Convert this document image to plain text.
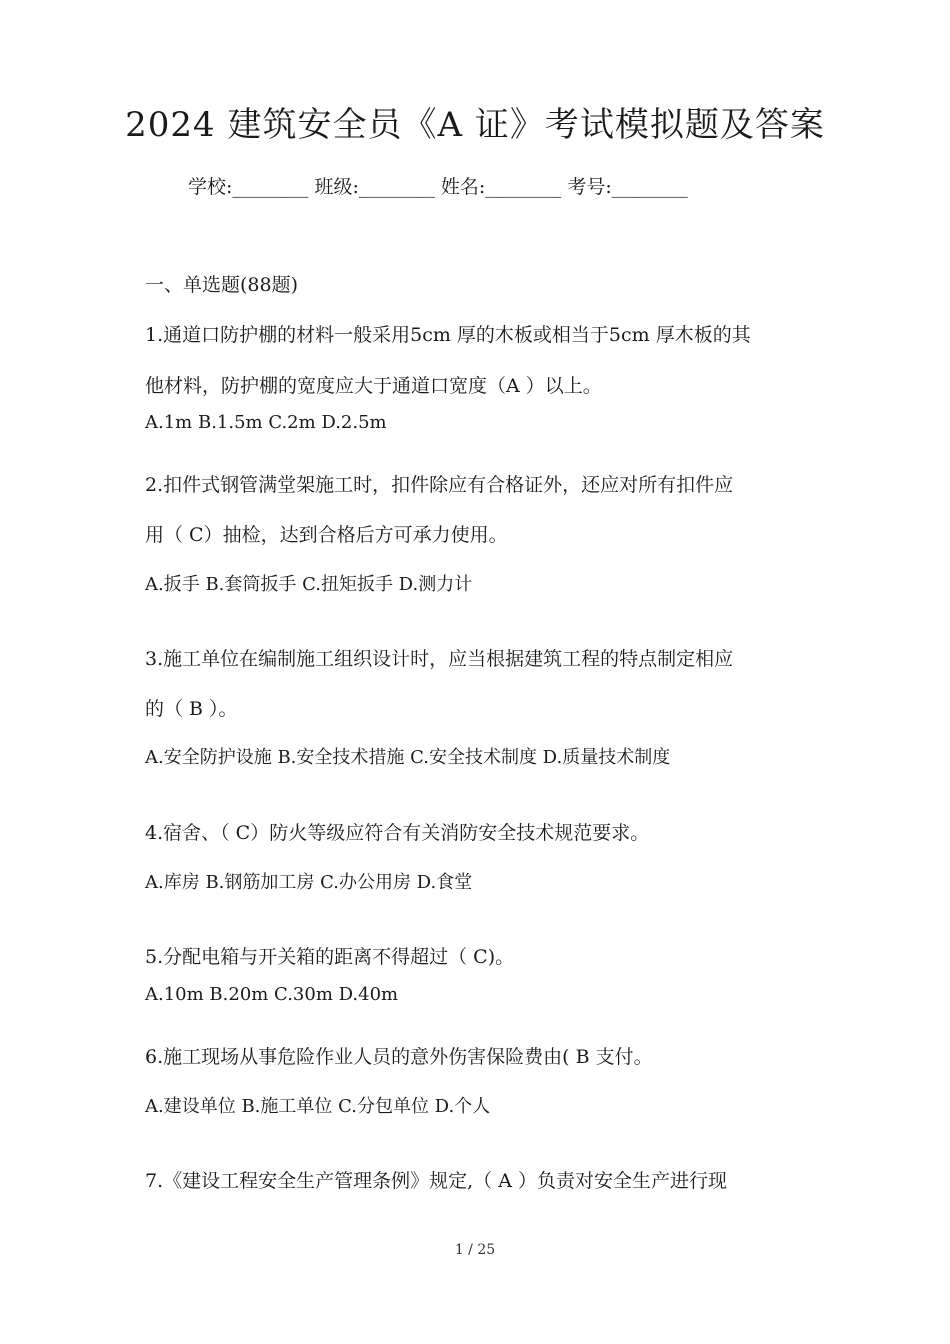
2024 建筑安全员《A 证》考试模拟题及答案
学校:________ 班级:________ 姓名:________ 考号:________
一、单选题(88题)
1.通道口防护棚的材料一般采用5cm 厚的木板或相当于5cm 厚木板的其
他材料，防护棚的宽度应大于通道口宽度（A ）以上。
A.1m B.1.5m C.2m D.2.5m
2.扣件式钢管满堂架施工时，扣件除应有合格证外，还应对所有扣件应
用（ C）抽检，达到合格后方可承力使用。
A.扳手 B.套筒扳手 C.扭矩扳手 D.测力计
3.施工单位在编制施工组织设计时，应当根据建筑工程的特点制定相应
的（ B ）。
A.安全防护设施 B.安全技术措施 C.安全技术制度 D.质量技术制度
4.宿舍、（ C）防火等级应符合有关消防安全技术规范要求。
A.库房 B.钢筋加工房 C.办公用房 D.食堂
5.分配电箱与开关箱的距离不得超过（ C)。
A.10m B.20m C.30m D.40m
6.施工现场从事危险作业人员的意外伤害保险费由( B 支付。
A.建设单位 B.施工单位 C.分包单位 D.个人
7.《建设工程安全生产管理条例》规定,（ A ）负责对安全生产进行现
1 / 25
